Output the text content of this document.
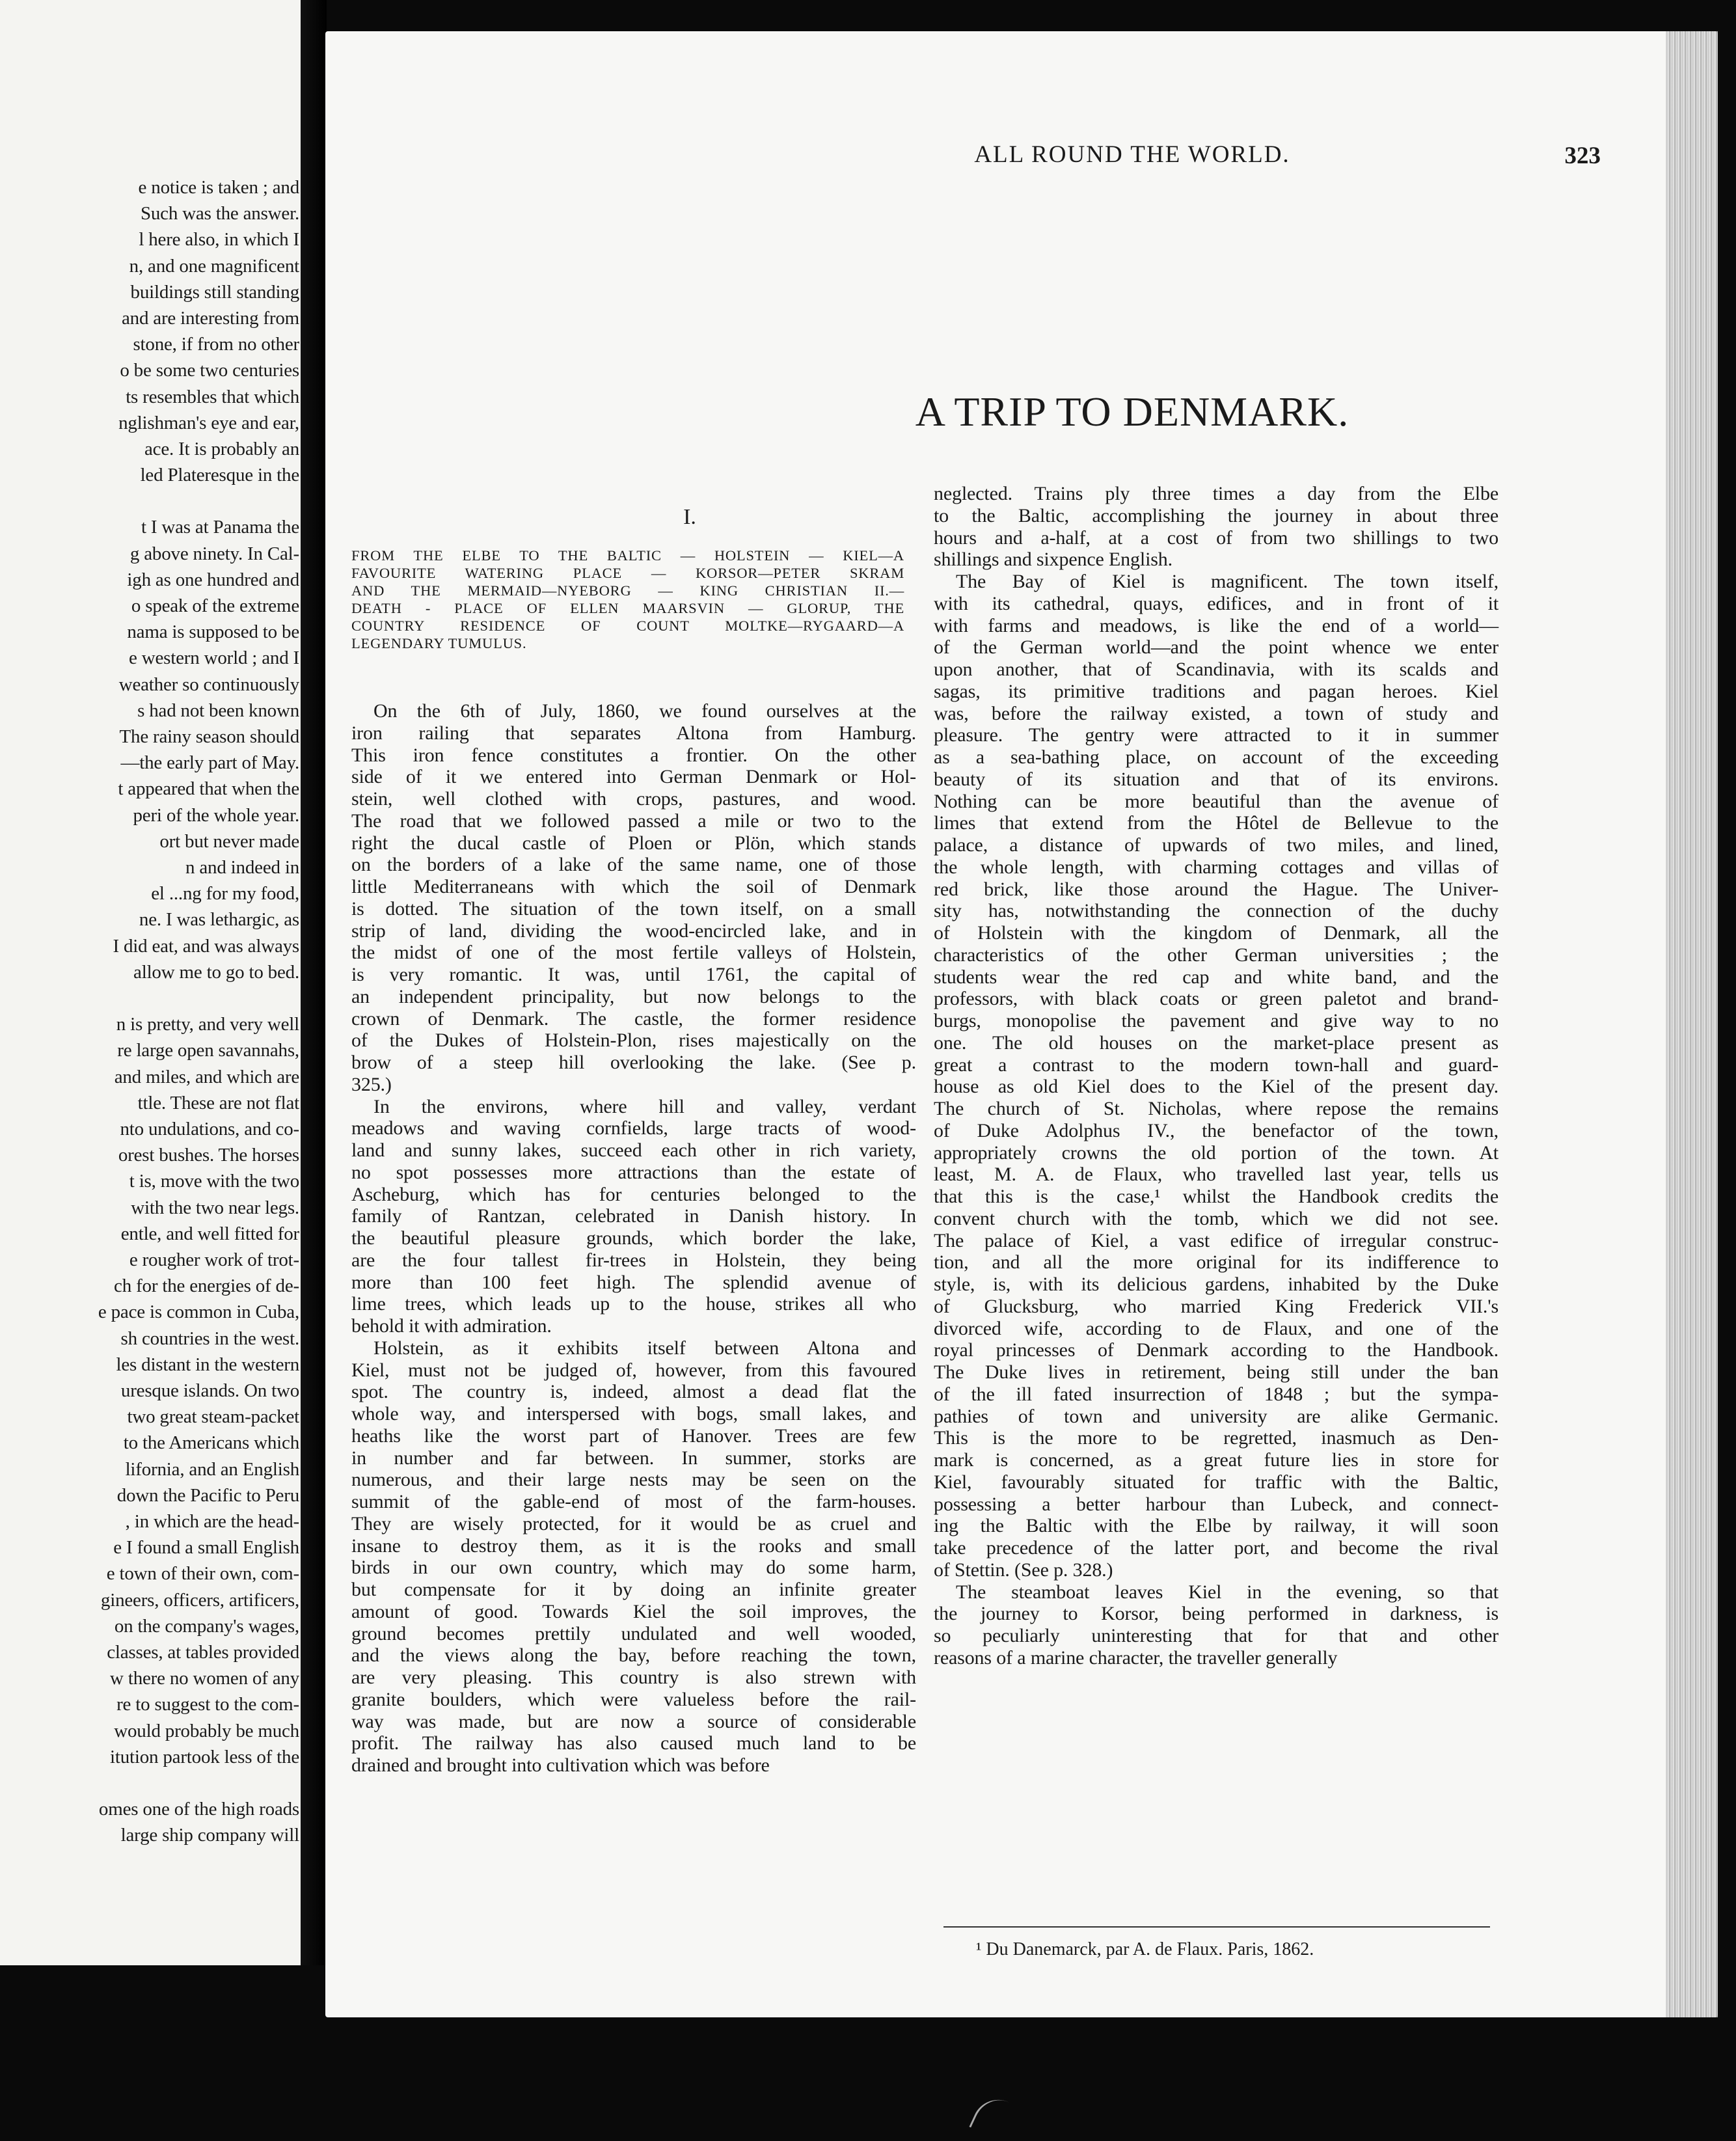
e notice is taken ; and
Such was the answer.
l here also, in which I
n, and one magnificent
buildings still standing
and are interesting from
stone, if from no other
o be some two centuries
ts resembles that which
nglishman's eye and ear,
ace. It is probably an
led Plateresque in the
t I was at Panama the
g above ninety. In Cal-
igh as one hundred and
o speak of the extreme
nama is supposed to be
e western world ; and I
weather so continuously
s had not been known
The rainy season should
—the early part of May.
t appeared that when the
peri of the whole year.
ort but never made
n and indeed in
el ...ng for my food,
ne. I was lethargic, as
I did eat, and was always
allow me to go to bed.
n is pretty, and very well
re large open savannahs,
and miles, and which are
ttle. These are not flat
nto undulations, and co-
orest bushes. The horses
t is, move with the two
with the two near legs.
entle, and well fitted for
e rougher work of trot-
ch for the energies of de-
e pace is common in Cuba,
sh countries in the west.
les distant in the western
uresque islands. On two
two great steam-packet
to the Americans which
lifornia, and an English
down the Pacific to Peru
, in which are the head-
e I found a small English
e town of their own, com-
gineers, officers, artificers,
on the company's wages,
classes, at tables provided
w there no women of any
re to suggest to the com-
would probably be much
itution partook less of the
omes one of the high roads
large ship company will
ALL ROUND THE WORLD.	323
A TRIP TO DENMARK.
I.
FROM THE ELBE TO THE BALTIC — HOLSTEIN — KIEL—A
FAVOURITE WATERING PLACE — KORSOR—PETER SKRAM
AND THE MERMAID—NYEBORG — KING CHRISTIAN II.—
DEATH - PLACE OF ELLEN MAARSVIN — GLORUP, THE
COUNTRY RESIDENCE OF COUNT MOLTKE—RYGAARD—A
LEGENDARY TUMULUS.
On the 6th of July, 1860, we found ourselves at the
iron railing that separates Altona from Hamburg.
This iron fence constitutes a frontier. On the other
side of it we entered into German Denmark or Hol-
stein, well clothed with crops, pastures, and wood.
The road that we followed passed a mile or two to the
right the ducal castle of Ploen or Plön, which stands
on the borders of a lake of the same name, one of those
little Mediterraneans with which the soil of Denmark
is dotted. The situation of the town itself, on a small
strip of land, dividing the wood-encircled lake, and in
the midst of one of the most fertile valleys of Holstein,
is very romantic. It was, until 1761, the capital of
an independent principality, but now belongs to the
crown of Denmark. The castle, the former residence
of the Dukes of Holstein-Plon, rises majestically on the
brow of a steep hill overlooking the lake. (See p.
325.)
In the environs, where hill and valley, verdant
meadows and waving cornfields, large tracts of wood-
land and sunny lakes, succeed each other in rich variety,
no spot possesses more attractions than the estate of
Ascheburg, which has for centuries belonged to the
family of Rantzan, celebrated in Danish history. In
the beautiful pleasure grounds, which border the lake,
are the four tallest fir-trees in Holstein, they being
more than 100 feet high. The splendid avenue of
lime trees, which leads up to the house, strikes all who
behold it with admiration.
Holstein, as it exhibits itself between Altona and
Kiel, must not be judged of, however, from this favoured
spot. The country is, indeed, almost a dead flat the
whole way, and interspersed with bogs, small lakes, and
heaths like the worst part of Hanover. Trees are few
in number and far between. In summer, storks are
numerous, and their large nests may be seen on the
summit of the gable-end of most of the farm-houses.
They are wisely protected, for it would be as cruel and
insane to destroy them, as it is the rooks and small
birds in our own country, which may do some harm,
but compensate for it by doing an infinite greater
amount of good. Towards Kiel the soil improves, the
ground becomes prettily undulated and well wooded,
and the views along the bay, before reaching the town,
are very pleasing. This country is also strewn with
granite boulders, which were valueless before the rail-
way was made, but are now a source of considerable
profit. The railway has also caused much land to be
drained and brought into cultivation which was before
neglected. Trains ply three times a day from the Elbe
to the Baltic, accomplishing the journey in about three
hours and a-half, at a cost of from two shillings to two
shillings and sixpence English.
The Bay of Kiel is magnificent. The town itself,
with its cathedral, quays, edifices, and in front of it
with farms and meadows, is like the end of a world—
of the German world—and the point whence we enter
upon another, that of Scandinavia, with its scalds and
sagas, its primitive traditions and pagan heroes. Kiel
was, before the railway existed, a town of study and
pleasure. The gentry were attracted to it in summer
as a sea-bathing place, on account of the exceeding
beauty of its situation and that of its environs.
Nothing can be more beautiful than the avenue of
limes that extend from the Hôtel de Bellevue to the
palace, a distance of upwards of two miles, and lined,
the whole length, with charming cottages and villas of
red brick, like those around the Hague. The Univer-
sity has, notwithstanding the connection of the duchy
of Holstein with the kingdom of Denmark, all the
characteristics of the other German universities ; the
students wear the red cap and white band, and the
professors, with black coats or green paletot and brand-
burgs, monopolise the pavement and give way to no
one. The old houses on the market-place present as
great a contrast to the modern town-hall and guard-
house as old Kiel does to the Kiel of the present day.
The church of St. Nicholas, where repose the remains
of Duke Adolphus IV., the benefactor of the town,
appropriately crowns the old portion of the town. At
least, M. A. de Flaux, who travelled last year, tells us
that this is the case,¹ whilst the Handbook credits the
convent church with the tomb, which we did not see.
The palace of Kiel, a vast edifice of irregular construc-
tion, and all the more original for its indifference to
style, is, with its delicious gardens, inhabited by the Duke
of Glucksburg, who married King Frederick VII.'s
divorced wife, according to de Flaux, and one of the
royal princesses of Denmark according to the Handbook.
The Duke lives in retirement, being still under the ban
of the ill fated insurrection of 1848 ; but the sympa-
pathies of town and university are alike Germanic.
This is the more to be regretted, inasmuch as Den-
mark is concerned, as a great future lies in store for
Kiel, favourably situated for traffic with the Baltic,
possessing a better harbour than Lubeck, and connect-
ing the Baltic with the Elbe by railway, it will soon
take precedence of the latter port, and become the rival
of Stettin. (See p. 328.)
The steamboat leaves Kiel in the evening, so that
the journey to Korsor, being performed in darkness, is
so peculiarly uninteresting that for that and other
reasons of a marine character, the traveller generally
¹ Du Danemarck, par A. de Flaux. Paris, 1862.
